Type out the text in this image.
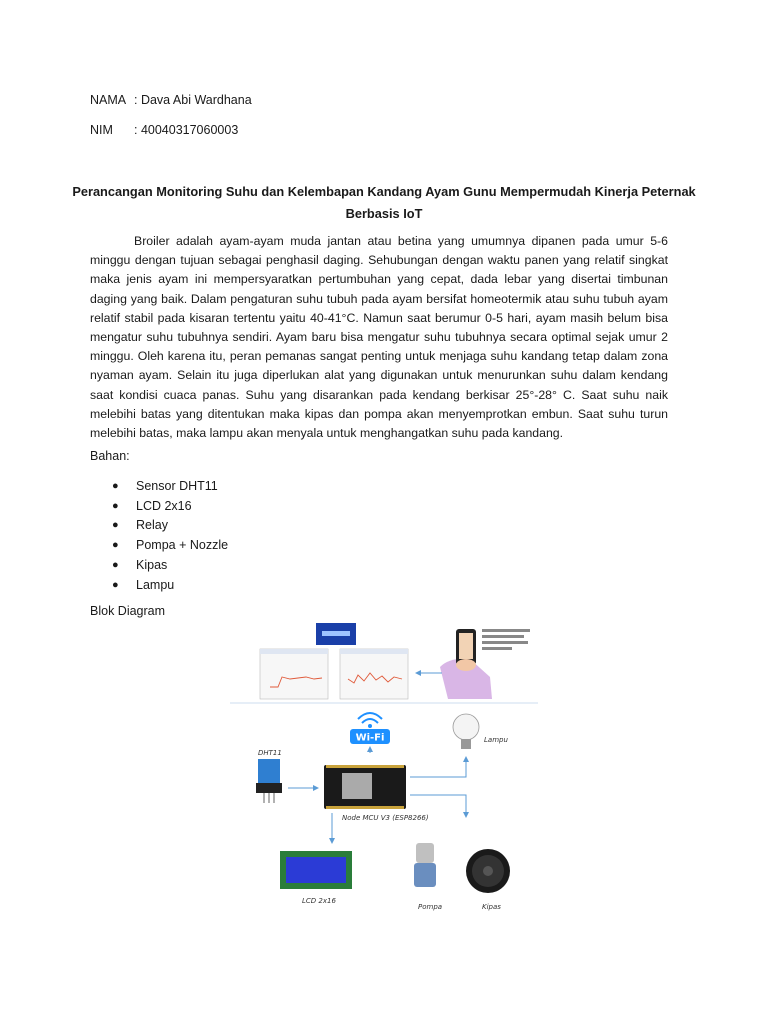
NAMA : Dava Abi Wardhana
NIM	: 40040317060003
Perancangan Monitoring Suhu dan Kelembapan Kandang Ayam Gunu Mempermudah Kinerja Peternak Berbasis IoT

Broiler adalah ayam-ayam muda jantan atau betina yang umumnya dipanen pada umur 5-6 minggu dengan tujuan sebagai penghasil daging. Sehubungan dengan waktu panen yang relatif singkat maka jenis ayam ini mempersyaratkan pertumbuhan yang cepat, dada lebar yang disertai timbunan daging yang baik. Dalam pengaturan suhu tubuh pada ayam bersifat homeotermik atau suhu tubuh ayam relatif stabil pada kisaran tertentu yaitu 40-41°C. Namun saat berumur 0-5 hari, ayam masih belum bisa mengatur suhu tubuhnya sendiri. Ayam baru bisa mengatur suhu tubuhnya secara optimal sejak umur 2 minggu. Oleh karena itu, peran pemanas sangat penting untuk menjaga suhu kandang tetap dalam zona nyaman ayam. Selain itu juga diperlukan alat yang digunakan untuk menurunkan suhu dalam kendang saat kondisi cuaca panas. Suhu yang disarankan pada kendang berkisar 25°-28° C. Saat suhu naik melebihi batas yang ditentukan maka kipas dan pompa akan menyemprotkan embun. Saat suhu turun melebihi batas, maka lampu akan menyala untuk menghangatkan suhu pada kandang.

Bahan:
●	Sensor DHT11
●	LCD 2x16
●	Relay
●	Pompa + Nozzle
●	Kipas
●	Lampu
Blok Diagram
Wi-Fi	Lampu
DHT11
Node MCU V3 (ESP8266)
LCD 2x16
Pompa	Kipas
